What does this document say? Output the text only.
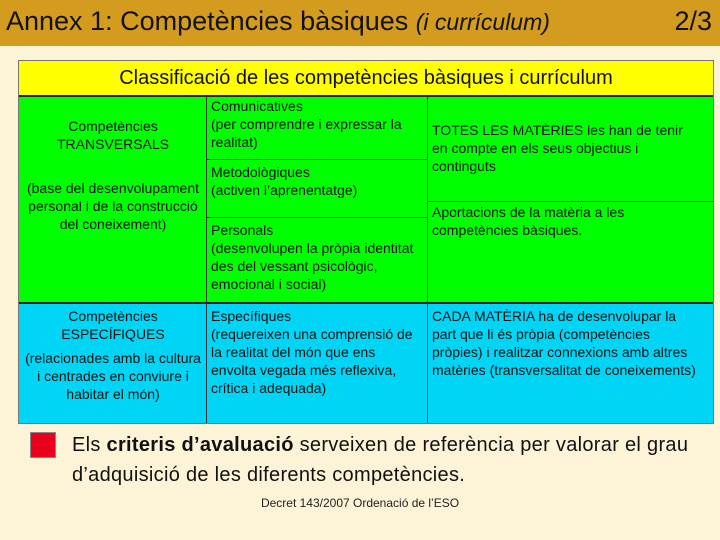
Annex 1: Competències bàsiques (i currículum)	2/3
Classificació de les competències bàsiques i currículum
Competències
TRANSVERSALS
(base del desenvolupament personal i de la construcció del coneixement)
Comunicatives
(per comprendre i expressar la realitat)
Metodològiques
(activen l’aprenentatge)
Personals
(desenvolupen la pròpia identitat des del vessant psicològic, emocional i social)
TOTES LES MATÈRIES les han de tenir en compte en els seus objectius i continguts
Aportacions de la matèria a les competències bàsiques.
Competències
ESPECÍFIQUES
(relacionades amb la cultura i centrades en conviure i habitar el món)
Específiques
(requereixen una comprensió de la realitat del món que ens envolta vegada més reflexiva, crítica i adequada)
CADA MATÈRIA ha de desenvolupar la part que li és pròpia (competències pròpies) i realitzar connexions amb altres matèries (transversalitat de coneixements)
Els criteris d’avaluació serveixen de referència per valorar el grau d’adquisició de les diferents competències.
Decret 143/2007 Ordenació de l’ESO
